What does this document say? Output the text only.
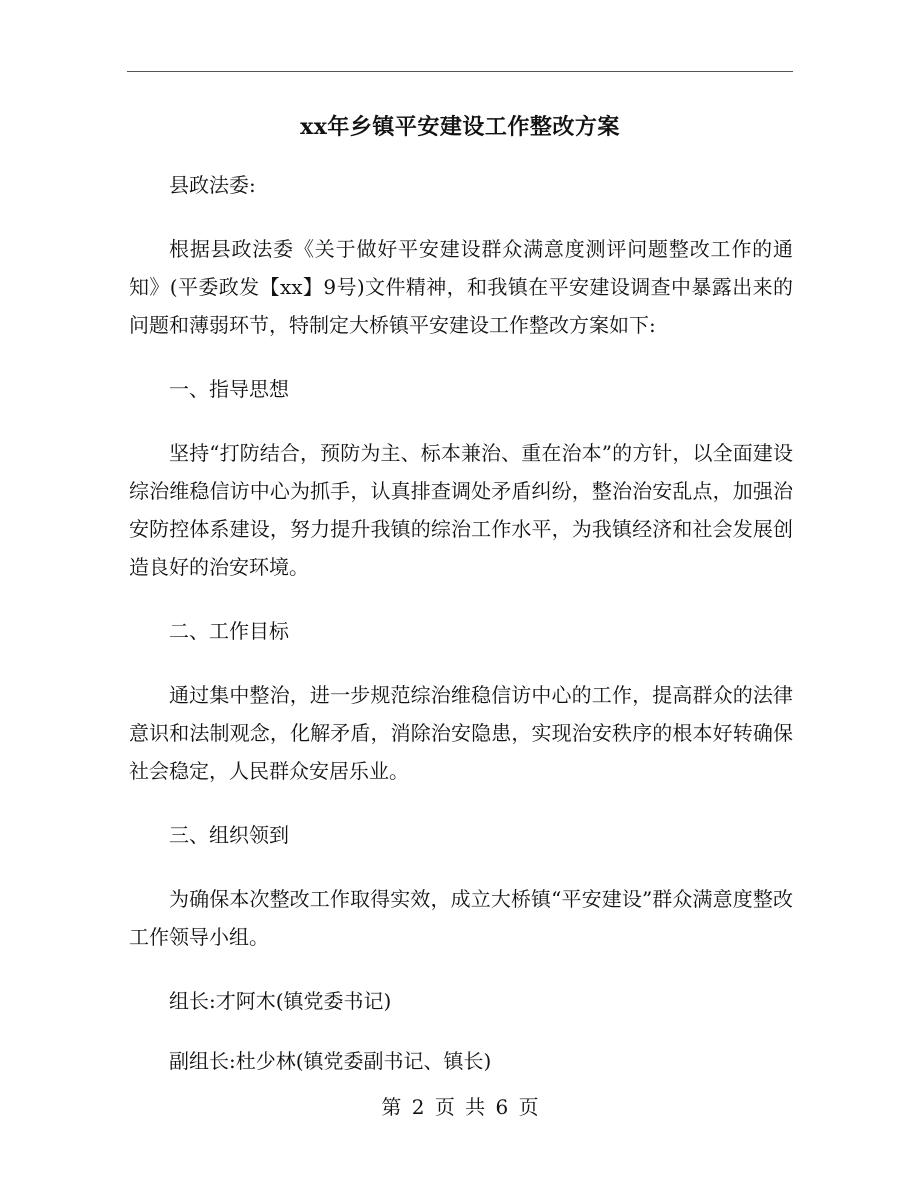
xx年乡镇平安建设工作整改方案

县政法委:

根据县政法委《关于做好平安建设群众满意度测评问题整改工作的通知》(平委政发【xx】9号)文件精神，和我镇在平安建设调查中暴露出来的问题和薄弱环节，特制定大桥镇平安建设工作整改方案如下:

一、指导思想

坚持“打防结合，预防为主、标本兼治、重在治本”的方针，以全面建设综治维稳信访中心为抓手，认真排查调处矛盾纠纷，整治治安乱点，加强治安防控体系建设，努力提升我镇的综治工作水平，为我镇经济和社会发展创造良好的治安环境。

二、工作目标

通过集中整治，进一步规范综治维稳信访中心的工作，提高群众的法律意识和法制观念，化解矛盾，消除治安隐患，实现治安秩序的根本好转确保社会稳定，人民群众安居乐业。

三、组织领到

为确保本次整改工作取得实效，成立大桥镇“平安建设”群众满意度整改工作领导小组。

组长:才阿木(镇党委书记)

副组长:杜少林(镇党委副书记、镇长)

第 2 页 共 6 页
